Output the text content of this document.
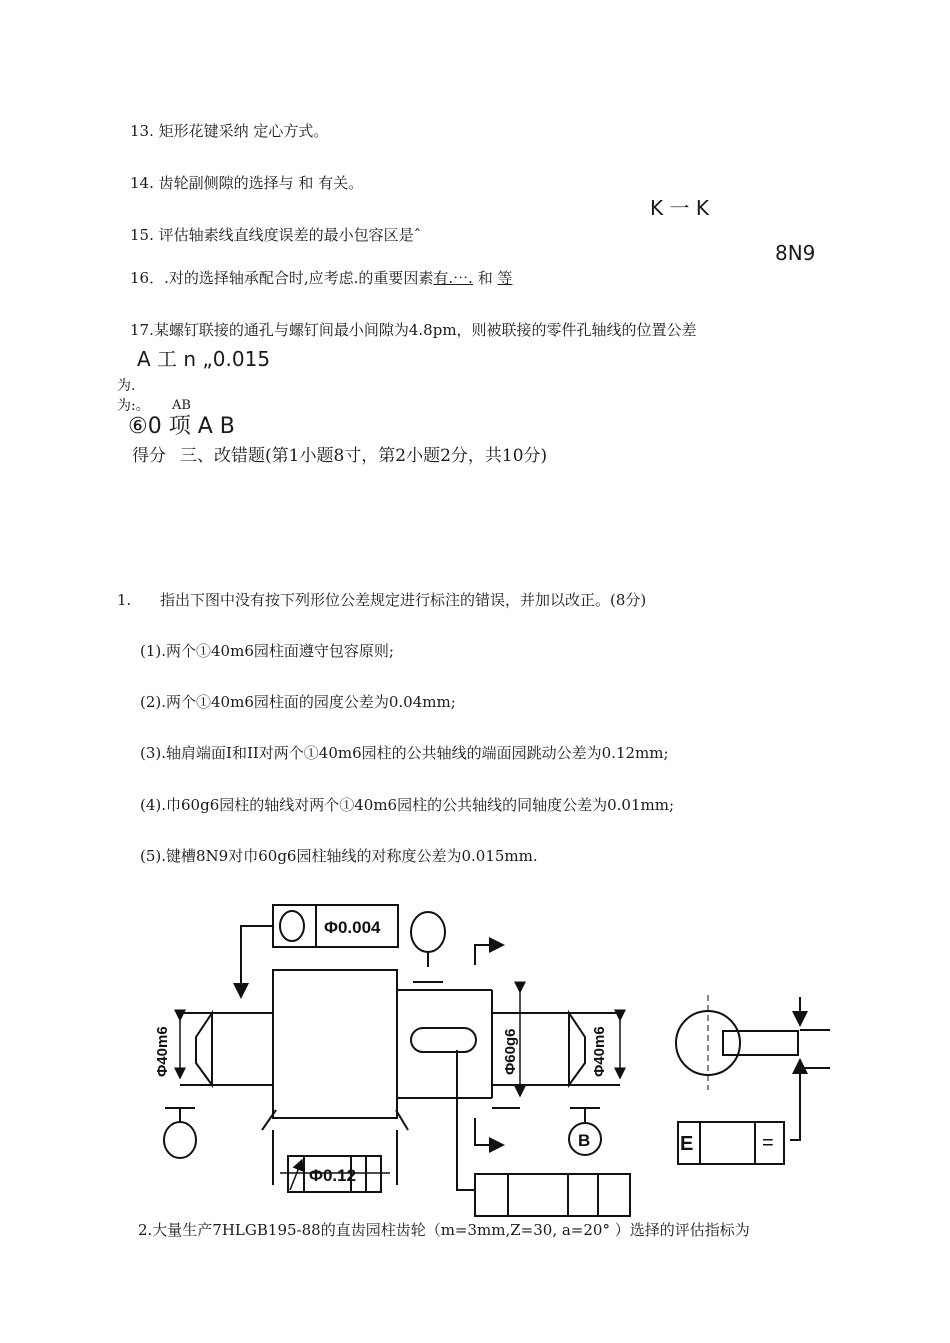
13. 矩形花键采纳 定心方式。
14. 齿轮副侧隙的选择与 和 有关。
K 一 K
15. 评估轴素线直线度误差的最小包容区是ˆ
8N9
16．.对的选择轴承配合时,应考虑.的重要因素有.⋯. 和 等
17.某螺钉联接的通孔与螺钉间最小间隙为4.8pm，则被联接的零件孔轴线的位置公差
A 工 n „0.015
为.
为:。 AB
⑥0 项 A B
得分 三、改错题(第1小题8寸，第2小题2分，共10分)
1. 指出下图中没有按下列形位公差规定进行标注的错误，并加以改正。(8分)
(1).两个①40m6园柱面遵守包容原则;
(2).两个①40m6园柱面的园度公差为0.04mm;
(3).轴肩端面I和II对两个①40m6园柱的公共轴线的端面园跳动公差为0.12mm;
(4).巾60g6园柱的轴线对两个①40m6园柱的公共轴线的同轴度公差为0.01mm;
(5).键槽8N9对巾60g6园柱轴线的对称度公差为0.015mm.
Φ0.004
Φ0.12
Φ40m6	Φ60g6	Φ40m6
B	E	=
2.大量生产7HLGB195-88的直齿园柱齿轮（m=3mm,Z=30, a=20° ）选择的评估指标为
